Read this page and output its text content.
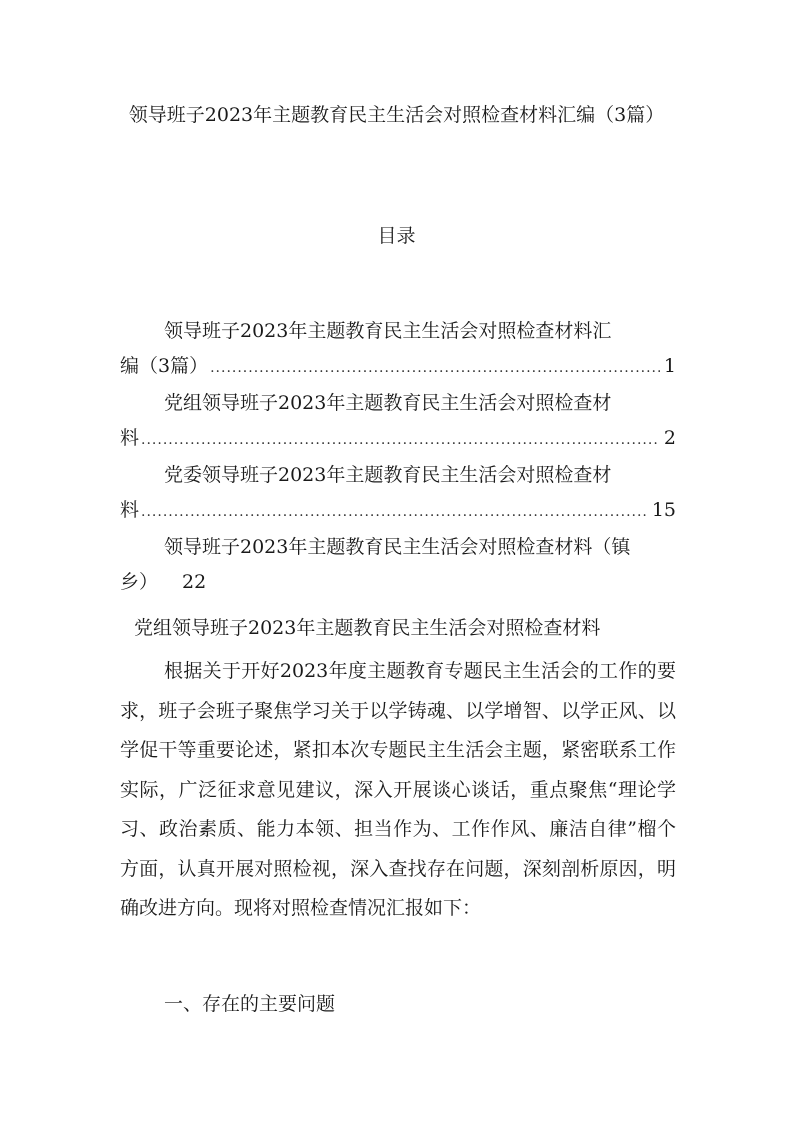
领导班子2023年主题教育民主生活会对照检查材料汇编（3篇）
目录
领导班子2023年主题教育民主生活会对照检查材料汇
编（3篇） .....	1
党组领导班子2023年主题教育民主生活会对照检查材
料 .....	2
党委领导班子2023年主题教育民主生活会对照检查材
料 .....	15
领导班子2023年主题教育民主生活会对照检查材料（镇
乡） 22
党组领导班子2023年主题教育民主生活会对照检查材料

根据关于开好2023年度主题教育专题民主生活会的工作的要求，班子会班子聚焦学习关于以学铸魂、以学增智、以学正风、以学促干等重要论述，紧扣本次专题民主生活会主题，紧密联系工作实际，广泛征求意见建议，深入开展谈心谈话，重点聚焦“理论学习、政治素质、能力本领、担当作为、工作作风、廉洁自律”榴个方面，认真开展对照检视，深入查找存在问题，深刻剖析原因，明确改进方向。现将对照检查情况汇报如下：

一、存在的主要问题
